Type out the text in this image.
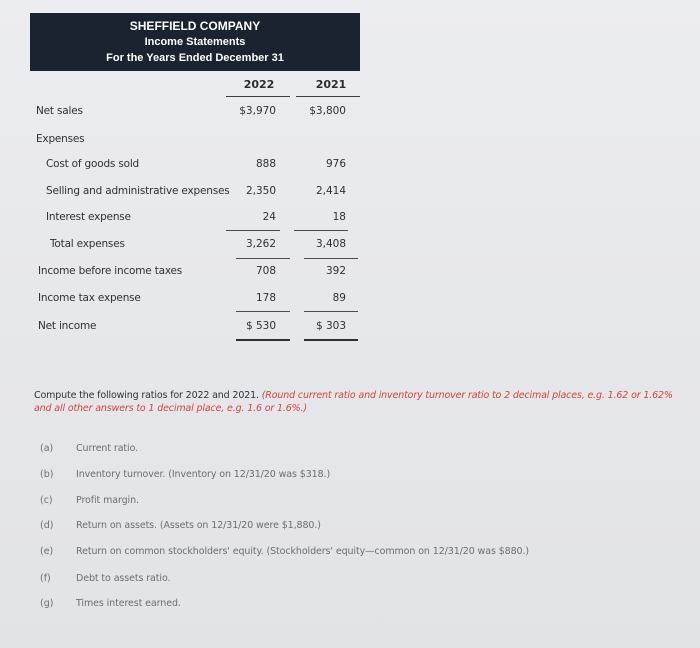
SHEFFIELD COMPANY
Income Statements
For the Years Ended December 31
2022	2021
Net sales	$3,970	$3,800
Expenses
Cost of goods sold	888	976
Selling and administrative expenses	2,350	2,414
Interest expense	24	18
Total expenses	3,262	3,408
Income before income taxes	708	392
Income tax expense	178	89
Net income	$ 530	$ 303
Compute the following ratios for 2022 and 2021. (Round current ratio and inventory turnover ratio to 2 decimal places, e.g. 1.62 or 1.62% and all other answers to 1 decimal place, e.g. 1.6 or 1.6%.)
(a) Current ratio.
(b) Inventory turnover. (Inventory on 12/31/20 was $318.)
(c) Profit margin.
(d) Return on assets. (Assets on 12/31/20 were $1,880.)
(e) Return on common stockholders' equity. (Stockholders' equity—common on 12/31/20 was $880.)
(f)	Debt to assets ratio.
(g) Times interest earned.
